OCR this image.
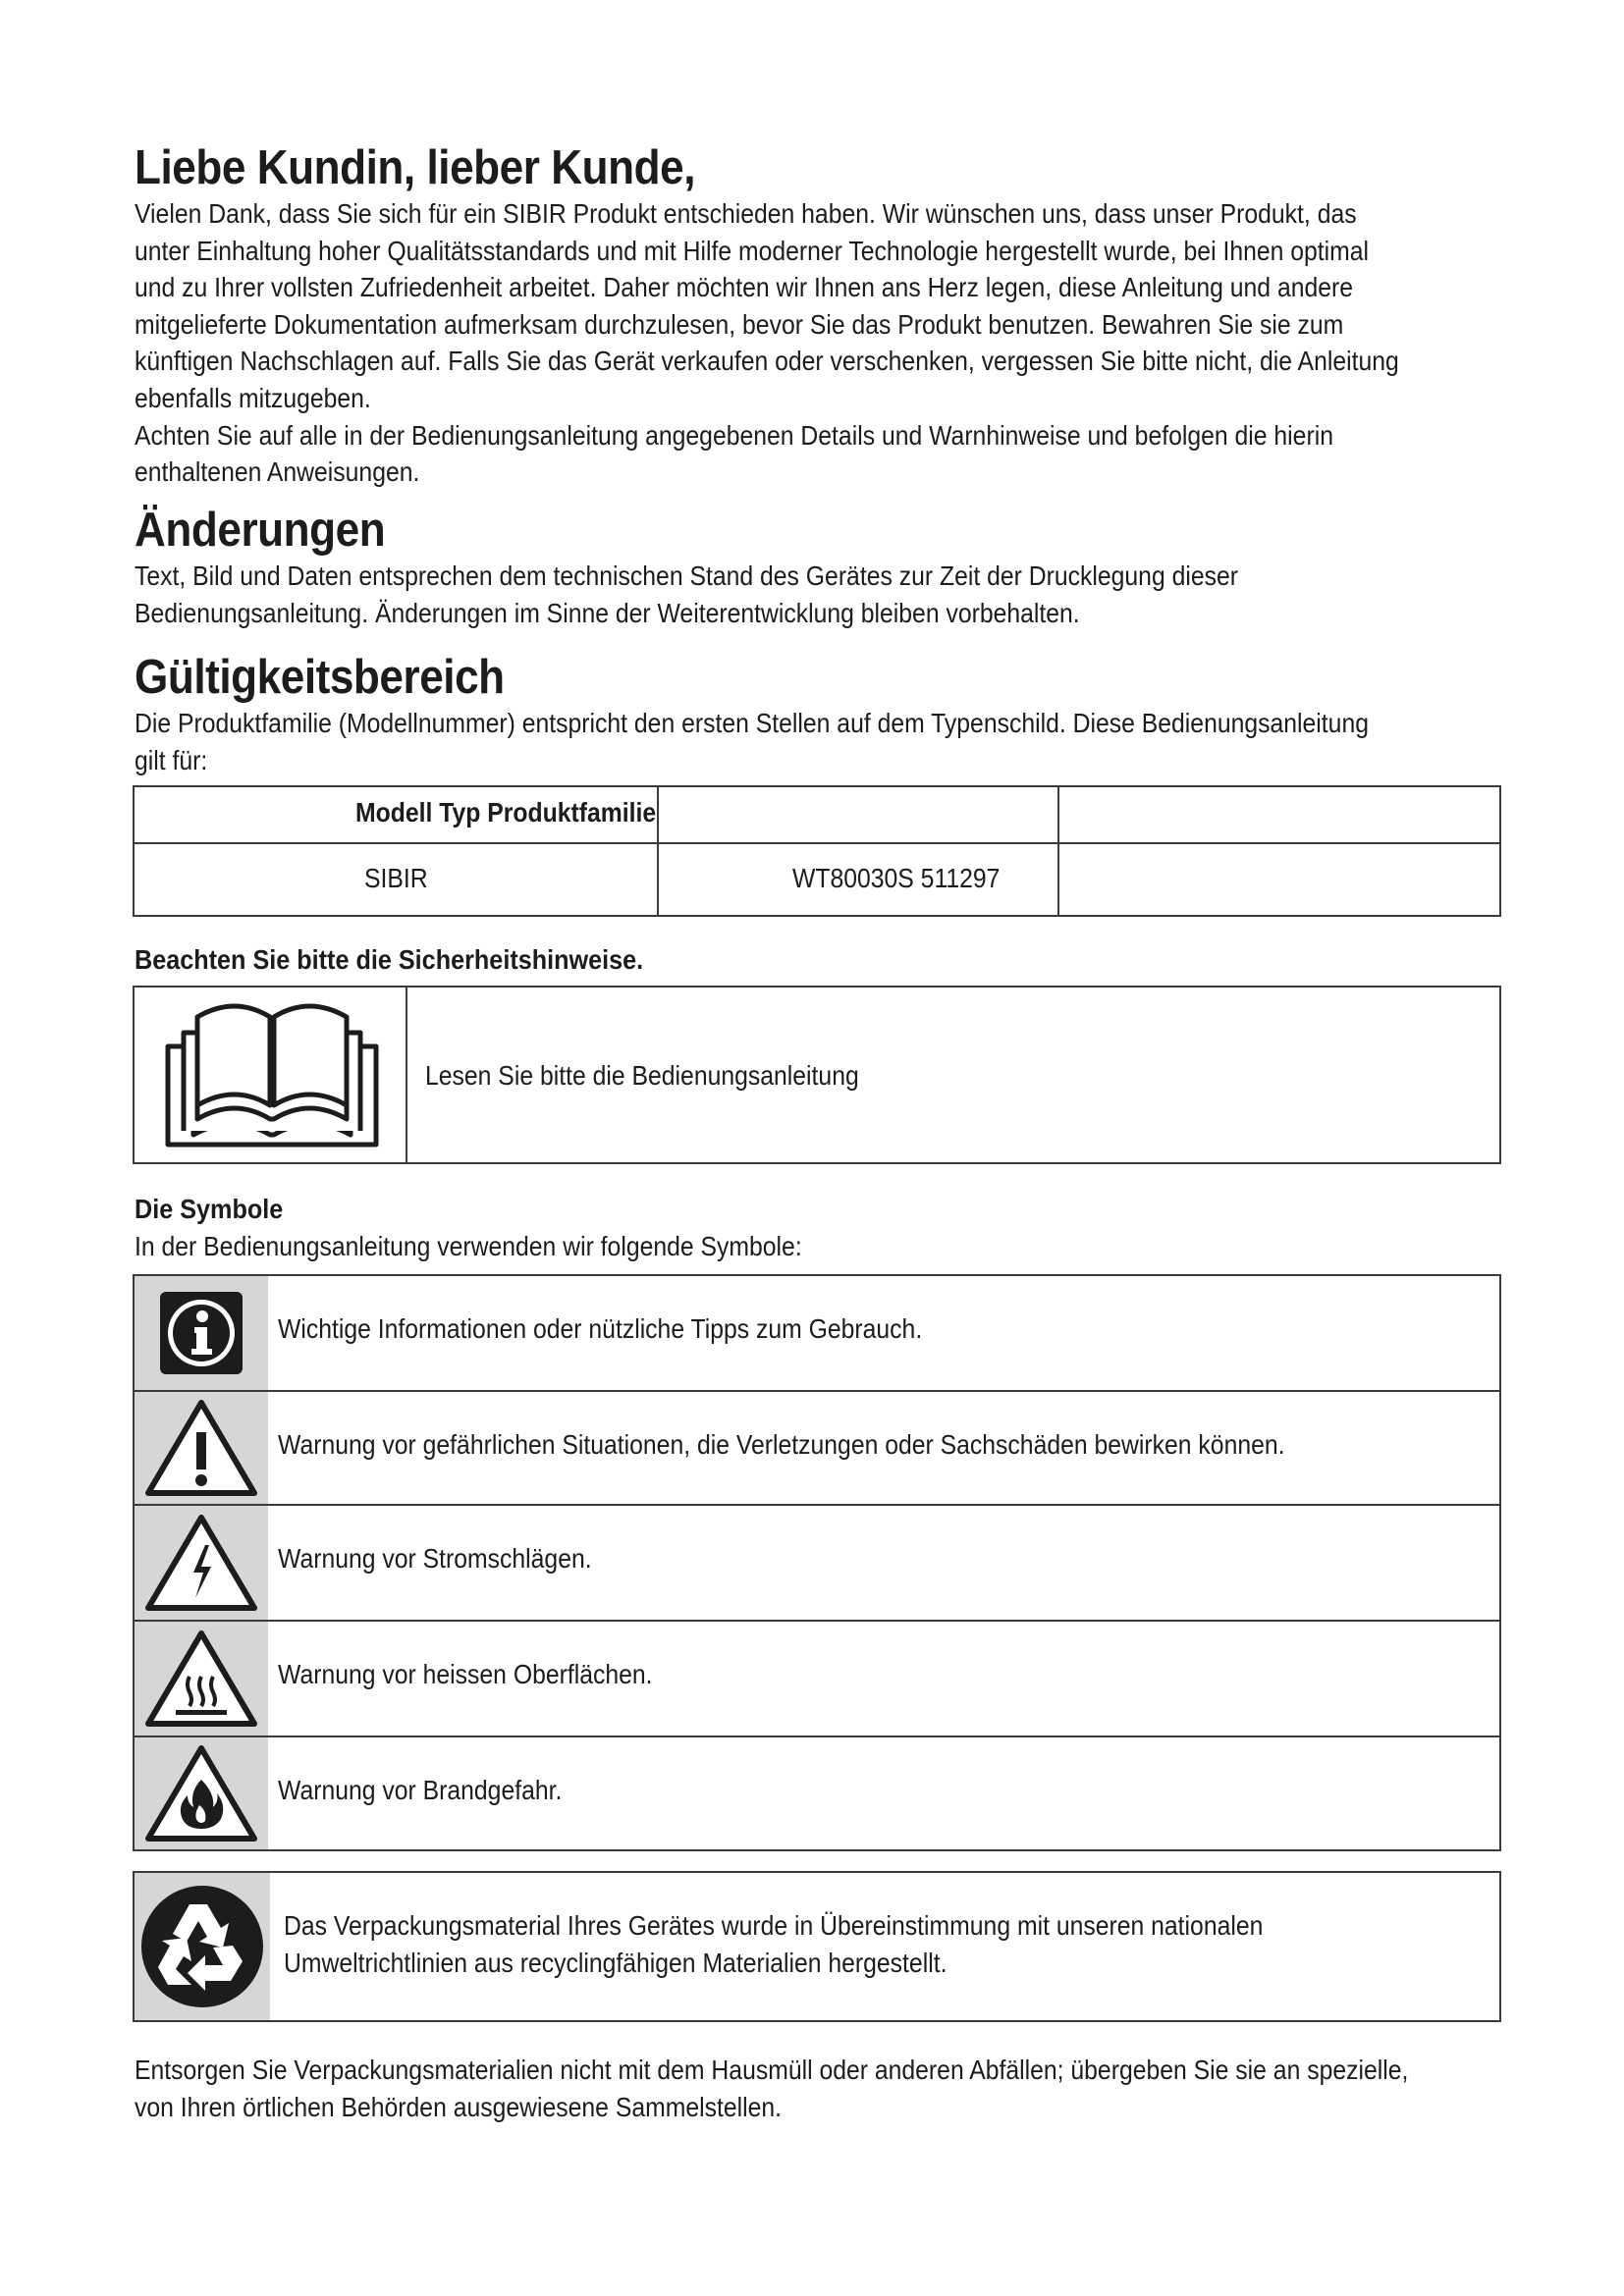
Liebe Kundin, lieber Kunde,
Vielen Dank, dass Sie sich für ein SIBIR Produkt entschieden haben. Wir wünschen uns, dass unser Produkt, das
unter Einhaltung hoher Qualitätsstandards und mit Hilfe moderner Technologie hergestellt wurde, bei Ihnen optimal
und zu Ihrer vollsten Zufriedenheit arbeitet. Daher möchten wir Ihnen ans Herz legen, diese Anleitung und andere
mitgelieferte Dokumentation aufmerksam durchzulesen, bevor Sie das Produkt benutzen. Bewahren Sie sie zum
künftigen Nachschlagen auf. Falls Sie das Gerät verkaufen oder verschenken, vergessen Sie bitte nicht, die Anleitung
ebenfalls mitzugeben.
Achten Sie auf alle in der Bedienungsanleitung angegebenen Details und Warnhinweise und befolgen die hierin
enthaltenen Anweisungen.
Änderungen
Text, Bild und Daten entsprechen dem technischen Stand des Gerätes zur Zeit der Drucklegung dieser
Bedienungsanleitung. Änderungen im Sinne der Weiterentwicklung bleiben vorbehalten.
Gültigkeitsbereich
Die Produktfamilie (Modellnummer) entspricht den ersten Stellen auf dem Typenschild. Diese Bedienungsanleitung
gilt für:
Modell Typ Produktfamilie
SIBIR	WT80030S 511297
Beachten Sie bitte die Sicherheitshinweise.
Lesen Sie bitte die Bedienungsanleitung
Die Symbole
In der Bedienungsanleitung verwenden wir folgende Symbole:
Wichtige Informationen oder nützliche Tipps zum Gebrauch.
Warnung vor gefährlichen Situationen, die Verletzungen oder Sachschäden bewirken können.
Warnung vor Stromschlägen.
Warnung vor heissen Oberflächen.
Warnung vor Brandgefahr.
Das Verpackungsmaterial Ihres Gerätes wurde in Übereinstimmung mit unseren nationalen
Umweltrichtlinien aus recyclingfähigen Materialien hergestellt.
Entsorgen Sie Verpackungsmaterialien nicht mit dem Hausmüll oder anderen Abfällen; übergeben Sie sie an spezielle,
von Ihren örtlichen Behörden ausgewiesene Sammelstellen.
